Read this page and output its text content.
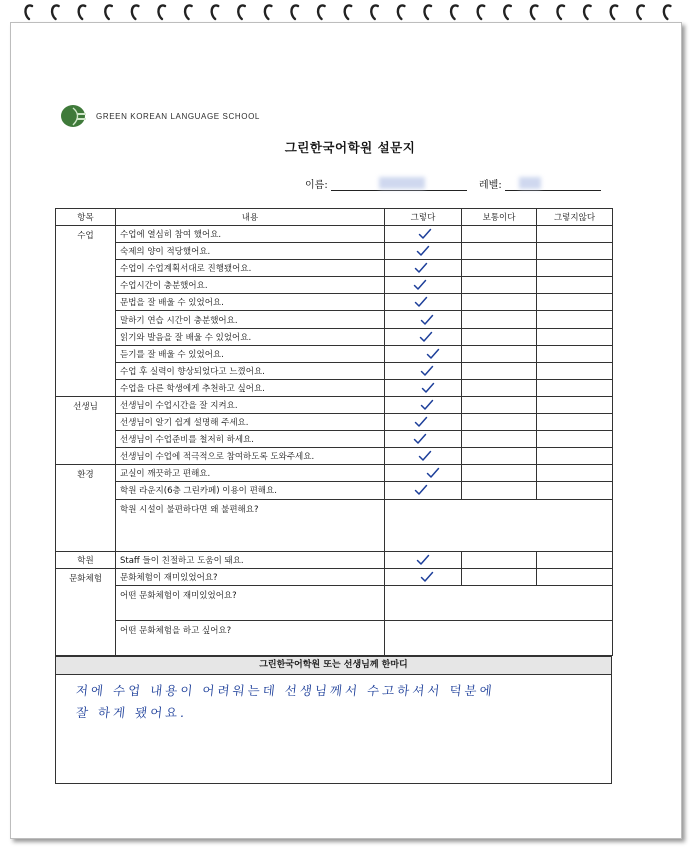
GREEN KOREAN LANGUAGE SCHOOL
그린한국어학원 설문지
이름:	레벨:
항목	내용	그렇다	보통이다	그렇지않다
수업	수업에 열심히 참여 했어요.	

	숙제의 양이 적당했어요.	

	수업이 수업계획서대로 진행됐어요.	

	수업시간이 충분했어요.	

	문법을 잘 배울 수 있었어요.	

	말하기 연습 시간이 충분했어요.	

	읽기와 발음을 잘 배울 수 있었어요.	

	듣기를 잘 배울 수 있었어요.	

	수업 후 실력이 향상되었다고 느꼈어요.	

	수업을 다른 학생에게 추천하고 싶어요.	

선생님	선생님이 수업시간을 잘 지켜요.	

	선생님이 알기 쉽게 설명해 주세요.	

	선생님이 수업준비를 철저히 하세요.	

	선생님이 수업에 적극적으로 참여하도록 도와주세요.	

환경	교실이 깨끗하고 편해요.	

	학원 라운지(6층 그린카페) 이용이 편해요.	

	학원 시설이 불편하다면 왜 불편해요?			
학원	Staff 들이 친절하고 도움이 돼요.	

문화체험	문화체험이 재미있었어요?	

	어떤 문화체험이 재미있었어요?			
	어떤 문화체험을 하고 싶어요?			
그린한국어학원 또는 선생님께 한마디
저에 수업 내용이 어려워는데 선생님께서 수고하셔서 덕분에
잘 하게 됐어요.
